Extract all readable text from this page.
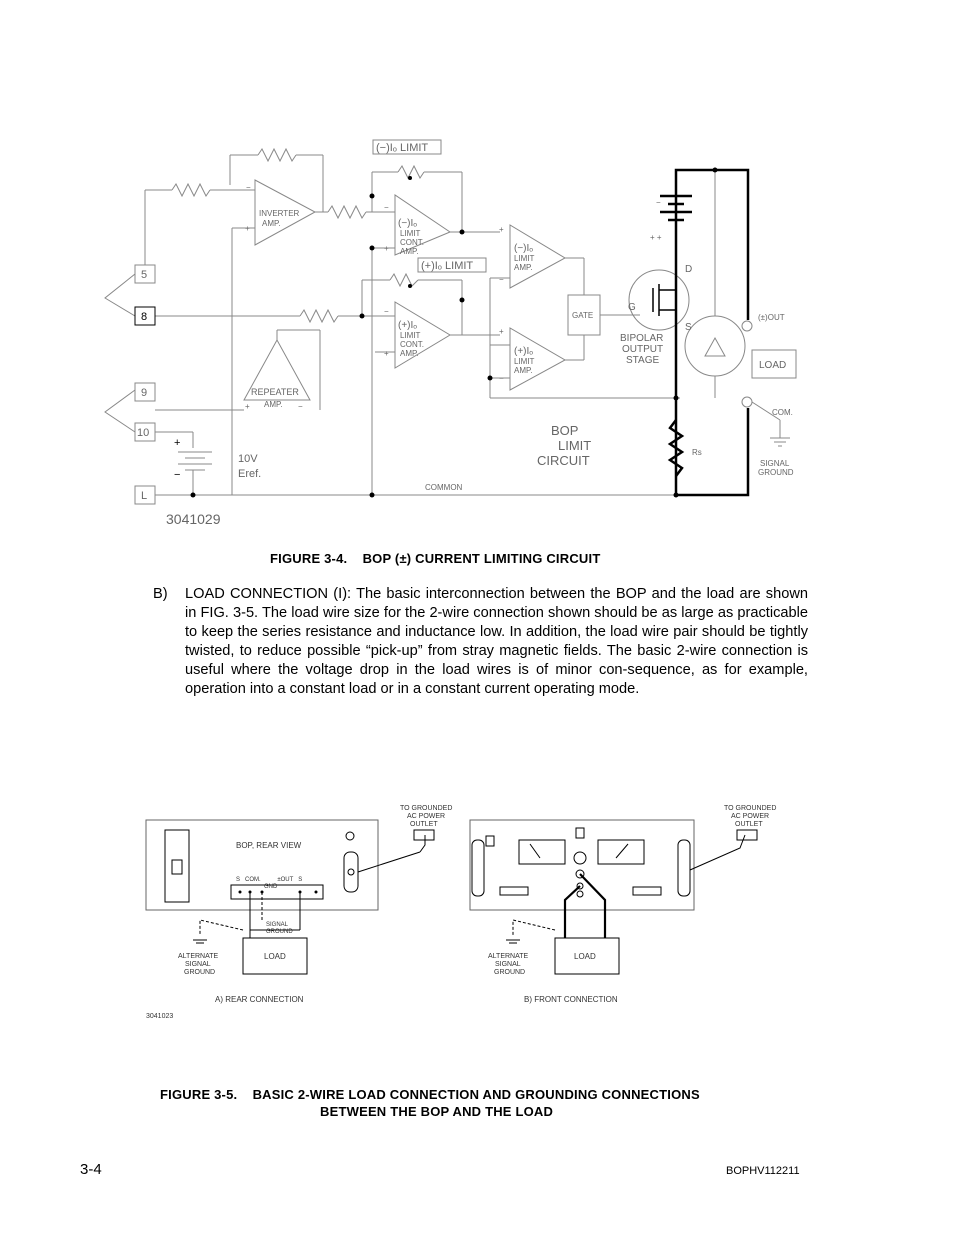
(−)Iₒ LIMIT
(+)Iₒ LIMIT
INVERTER
AMP.	(−)Iₒ
LIMIT
CONT.
AMP.	(−)Iₒ
LIMIT
AMP.
(+)Iₒ
LIMIT
CONT.
AMP.	(+)Iₒ
LIMIT
AMP.
GATE
REPEATER
AMP.
5
8
9
10
L
10V
Eref.
COMMON
D
G
S
BIPOLAR
OUTPUT
STAGE
(±)OUT
LOAD
COM.
SIGNAL
GROUND
Rs
BOP
LIMIT
CIRCUIT
3041029
−
+
−
+
−
+
+
−
+
−
+	−
+
−
−
+ +
FIGURE 3-4.    BOP (±) CURRENT LIMITING CIRCUIT
B) LOAD CONNECTION (I): The basic interconnection between the BOP and the load are shown in FIG. 3-5. The load wire size for the 2-wire connection shown should be as large as practicable to keep the series resistance and inductance low. In addition, the load wire pair should be tightly twisted, to reduce possible “pick-up” from stray magnetic fields. The basic 2-wire connection is useful where the voltage drop in the load wires is of minor con-sequence, as for example, operation into a constant load or in a constant current operating mode.
BOP, REAR VIEW
S   COM.          ±OUT   S
GND
SIGNAL
GROUND
LOAD
ALTERNATE
SIGNAL
GROUND
TO GROUNDED
AC POWER
OUTLET
A) REAR CONNECTION
LOAD
ALTERNATE
SIGNAL
GROUND
TO GROUNDED
AC POWER
OUTLET
B) FRONT CONNECTION
3041023
FIGURE 3-5.    BASIC 2-WIRE LOAD CONNECTION AND GROUNDING CONNECTIONS
BETWEEN THE BOP AND THE LOAD
3-4	BOPHV112211
